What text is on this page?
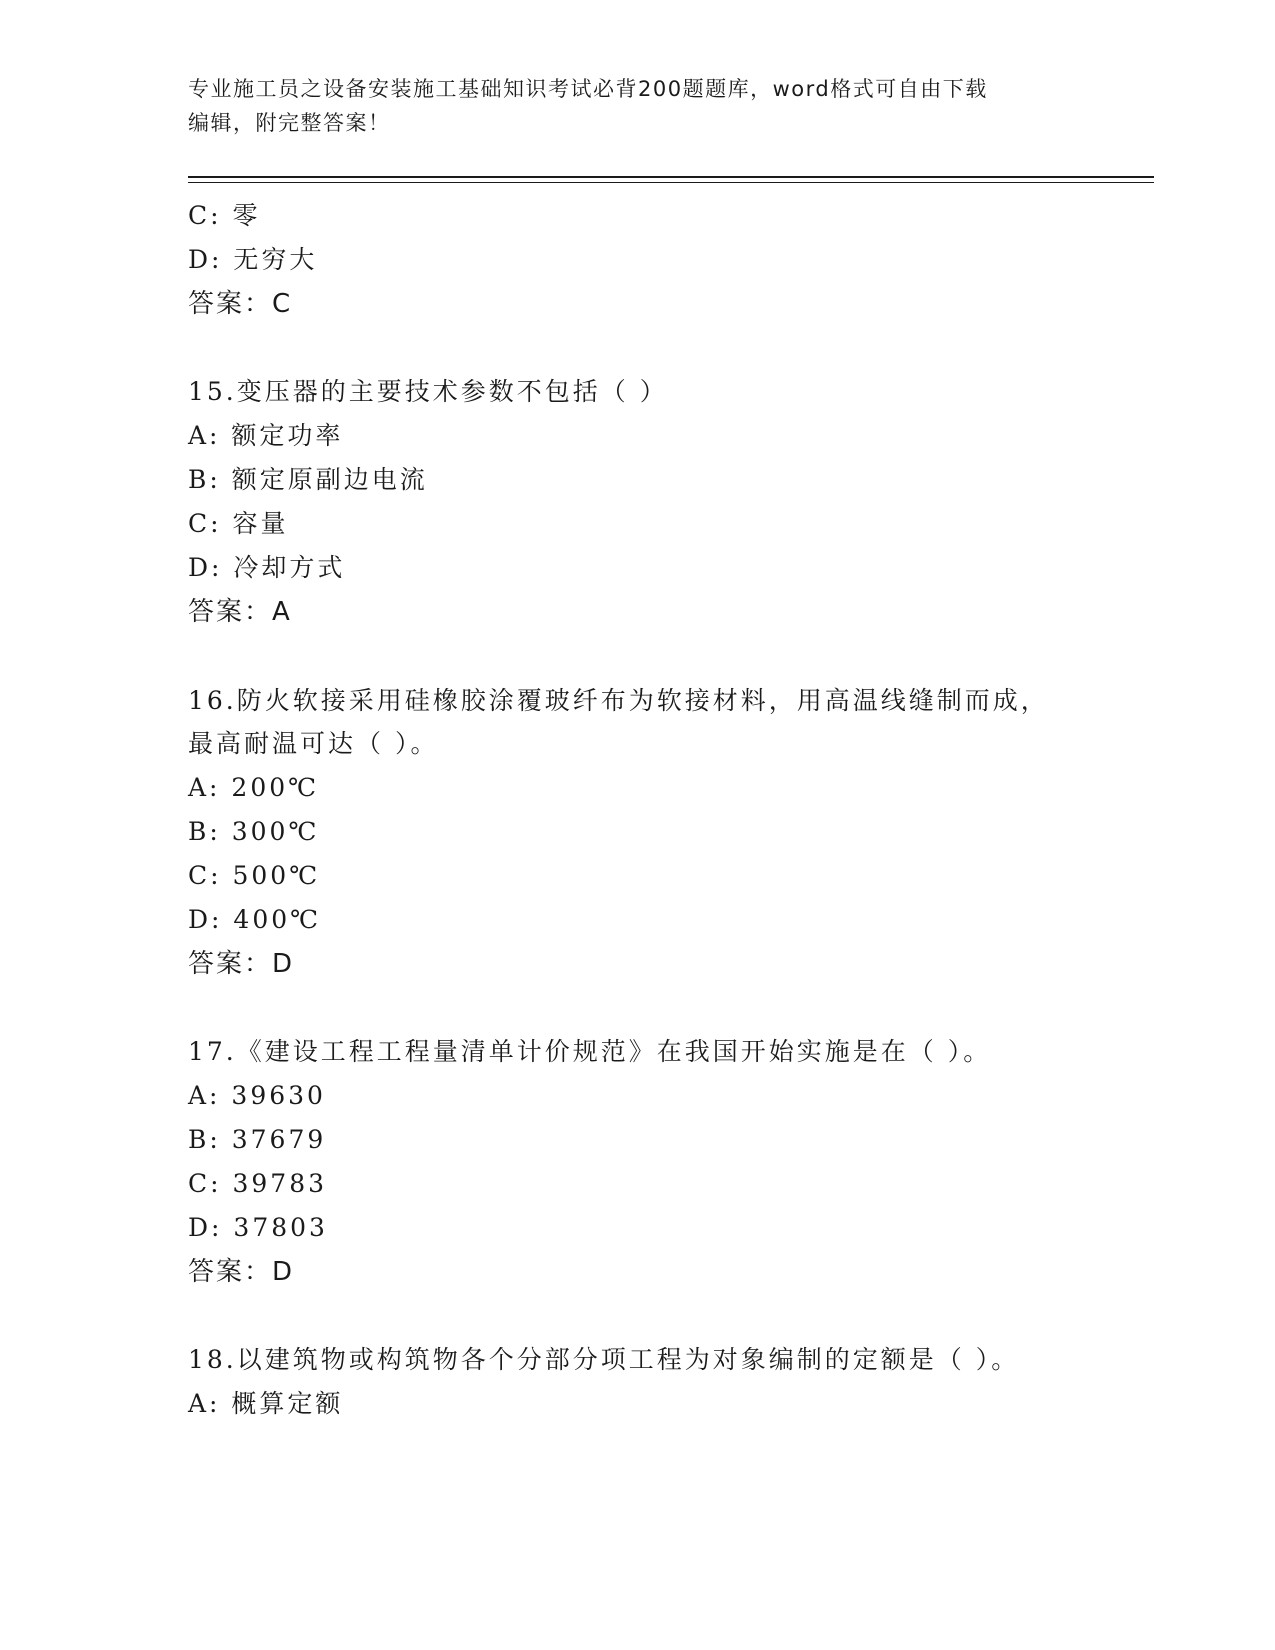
专业施工员之设备安装施工基础知识考试必背200题题库，word格式可自由下载
编辑，附完整答案！
C: 零
D: 无穷大
答案：C
15.变压器的主要技术参数不包括（ ）
A: 额定功率
B: 额定原副边电流
C: 容量
D: 冷却方式
答案：A
16.防火软接采用硅橡胶涂覆玻纤布为软接材料，用高温线缝制而成，
最高耐温可达（ ）。
A: 200℃
B: 300℃
C: 500℃
D: 400℃
答案：D
17.《建设工程工程量清单计价规范》在我国开始实施是在（ ）。
A: 39630
B: 37679
C: 39783
D: 37803
答案：D
18.以建筑物或构筑物各个分部分项工程为对象编制的定额是（ ）。
A: 概算定额
